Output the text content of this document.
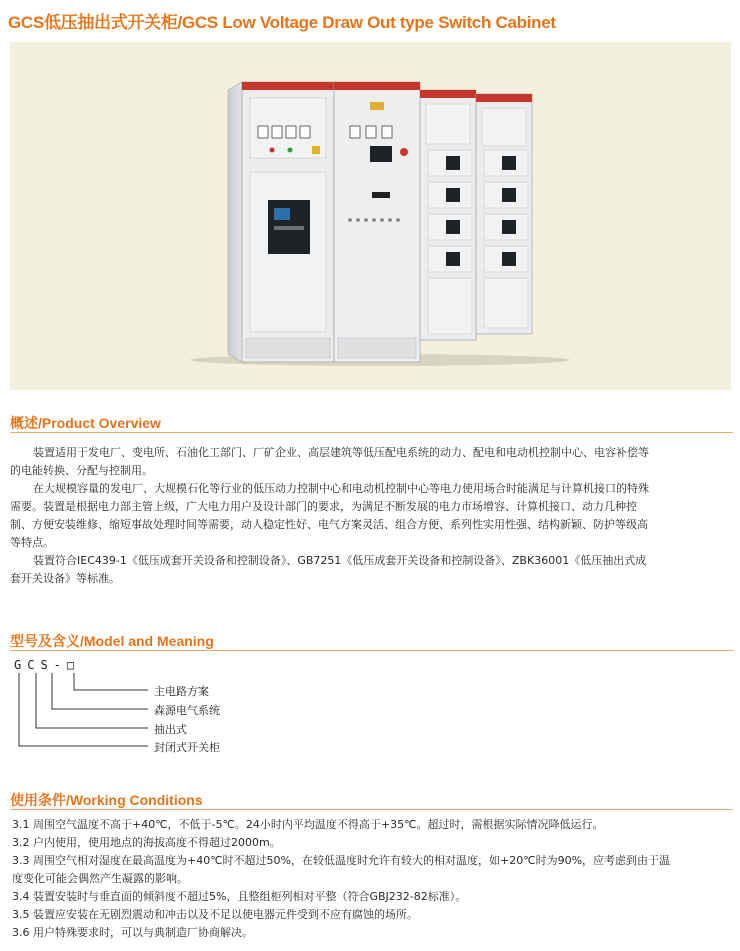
GCS低压抽出式开关柜/GCS Low Voltage Draw Out type Switch Cabinet
概述/Product Overview

装置适用于发电厂、变电所、石油化工部门、厂矿企业、高层建筑等低压配电系统的动力、配电和电动机控制中心、电容补偿等

的电能转换、分配与控制用。

在大规模容量的发电厂、大规模石化等行业的低压动力控制中心和电动机控制中心等电力使用场合时能满足与计算机接口的特殊

需要。装置是根据电力部主管上级，广大电力用户及设计部门的要求，为满足不断发展的电力市场增容、计算机接口、动力几种控

制、方便安装维修、缩短事故处理时间等需要，动人稳定性好、电气方案灵活、组合方便、系列性实用性强、结构新颖、防护等级高

等特点。

装置符合IEC439-1《低压成套开关设备和控制设备》、GB7251《低压成套开关设备和控制设备》、ZBK36001《低压抽出式成

套开关设备》等标准。

型号及含义/Model and Meaning
GCS-□
主电路方案
森源电气系统
抽出式
封闭式开关柜
使用条件/Working Conditions
3.1 周围空气温度不高于+40℃，不低于-5℃。24小时内平均温度不得高于+35℃。超过时，需根据实际情况降低运行。
3.2 户内使用，使用地点的海拔高度不得超过2000m。
3.3 周围空气相对湿度在最高温度为+40℃时不超过50%，在较低温度时允许有较大的相对温度，如+20℃时为90%，应考虑到由于温
度变化可能会偶然产生凝露的影响。
3.4 装置安装时与垂直面的倾斜度不超过5%，且整组柜列相对平整（符合GBJ232-82标准）。
3.5 装置应安装在无剧烈震动和冲击以及不足以使电器元件受到不应有腐蚀的场所。
3.6 用户特殊要求时，可以与典制造厂协商解决。
